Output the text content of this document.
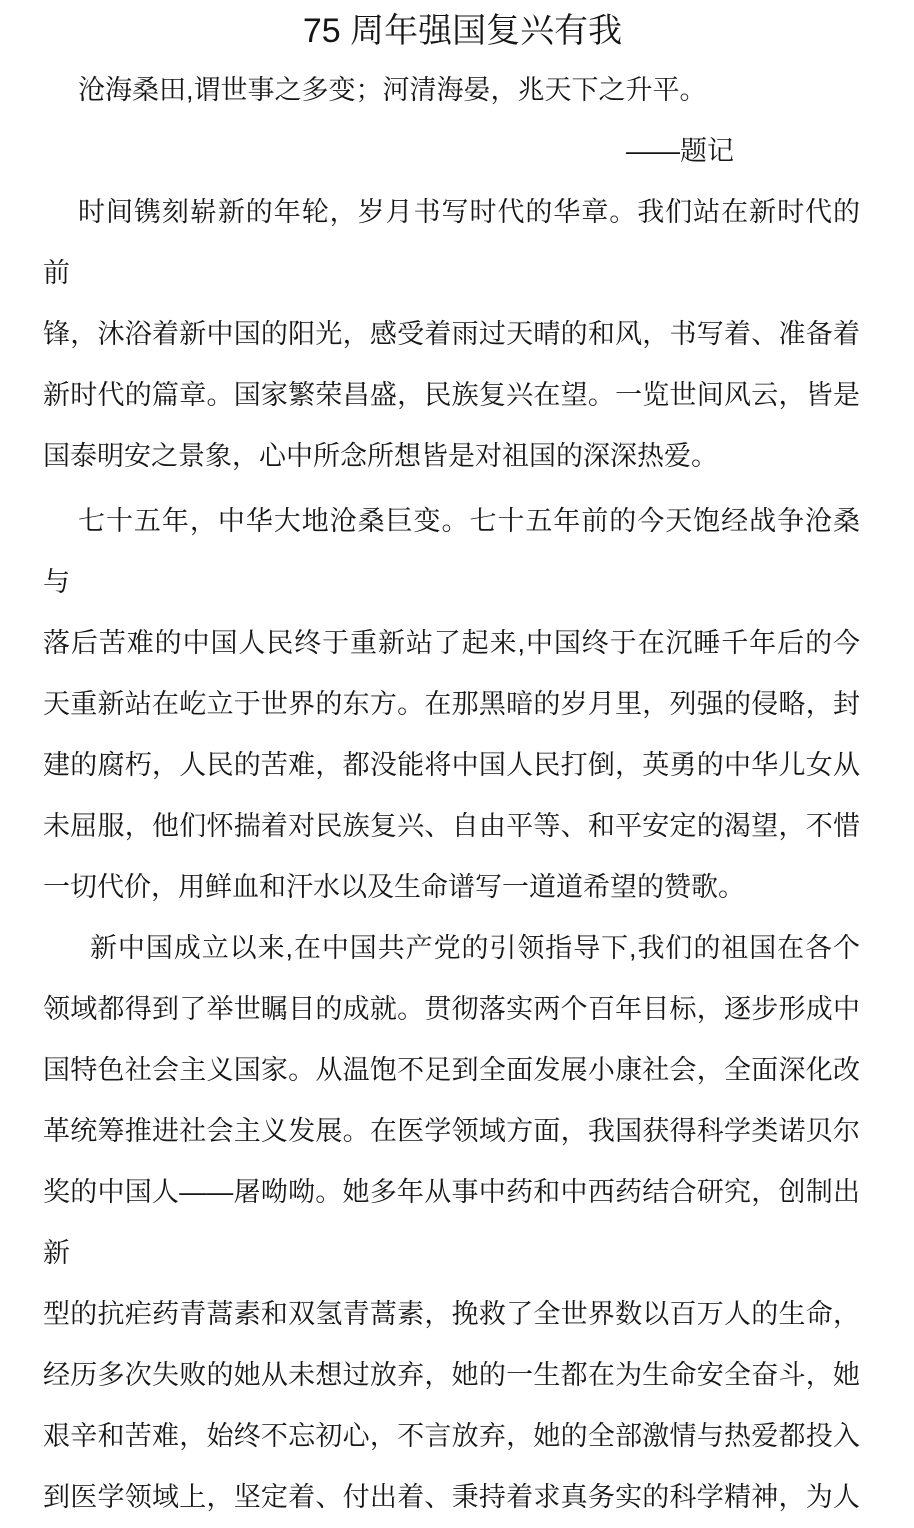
75 周年强国复兴有我
沧海桑田,谓世事之多变；河清海晏，兆天下之升平。
——题记
时间镌刻崭新的年轮，岁月书写时代的华章。我们站在新时代的前
锋，沐浴着新中国的阳光，感受着雨过天晴的和风，书写着、准备着
新时代的篇章。国家繁荣昌盛，民族复兴在望。一览世间风云，皆是
国泰明安之景象，心中所念所想皆是对祖国的深深热爱。
七十五年，中华大地沧桑巨变。七十五年前的今天饱经战争沧桑与
落后苦难的中国人民终于重新站了起来,中国终于在沉睡千年后的今
天重新站在屹立于世界的东方。在那黑暗的岁月里，列强的侵略，封
建的腐朽，人民的苦难，都没能将中国人民打倒，英勇的中华儿女从
未屈服，他们怀揣着对民族复兴、自由平等、和平安定的渴望，不惜
一切代价，用鲜血和汗水以及生命谱写一道道希望的赞歌。
新中国成立以来,在中国共产党的引领指导下,我们的祖国在各个
领域都得到了举世瞩目的成就。贯彻落实两个百年目标，逐步形成中
国特色社会主义国家。从温饱不足到全面发展小康社会，全面深化改
革统筹推进社会主义发展。在医学领域方面，我国获得科学类诺贝尔
奖的中国人——屠呦呦。她多年从事中药和中西药结合研究，创制出新
型的抗疟药青蒿素和双氢青蒿素，挽救了全世界数以百万人的生命，
经历多次失败的她从未想过放弃，她的一生都在为生命安全奋斗，她
艰辛和苦难，始终不忘初心，不言放弃，她的全部激情与热爱都投入
到医学领域上，坚定着、付出着、秉持着求真务实的科学精神，为人
